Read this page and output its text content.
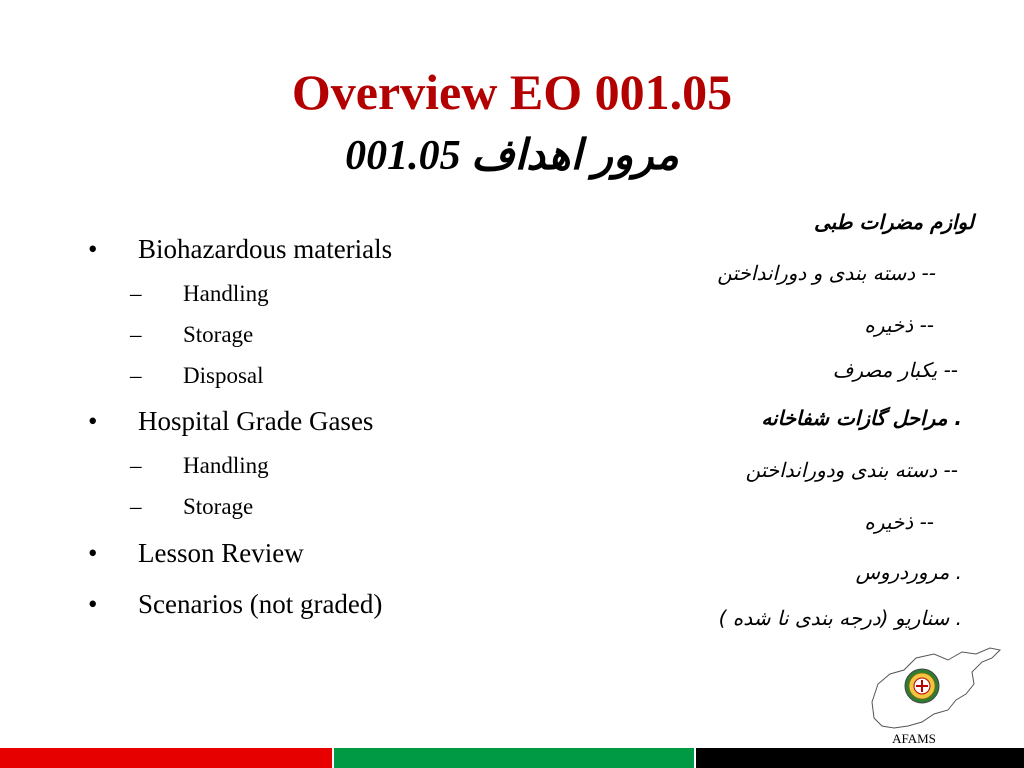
Overview EO 001.05
مرور اهداف 001.05
• Biohazardous materials
– Handling
– Storage
– Disposal
• Hospital Grade Gases
– Handling
– Storage
• Lesson Review
• Scenarios (not graded)
لوازم مضرات طبی
-- دسته بندی و دورانداختن
-- ذخیره
-- یکبار مصرف
. مراحل گازات شفاخانه
-- دسته بندی ودورانداختن
-- ذخیره
. مروردروس
. سناریو (درجه بندی نا شده )
AFAMS
